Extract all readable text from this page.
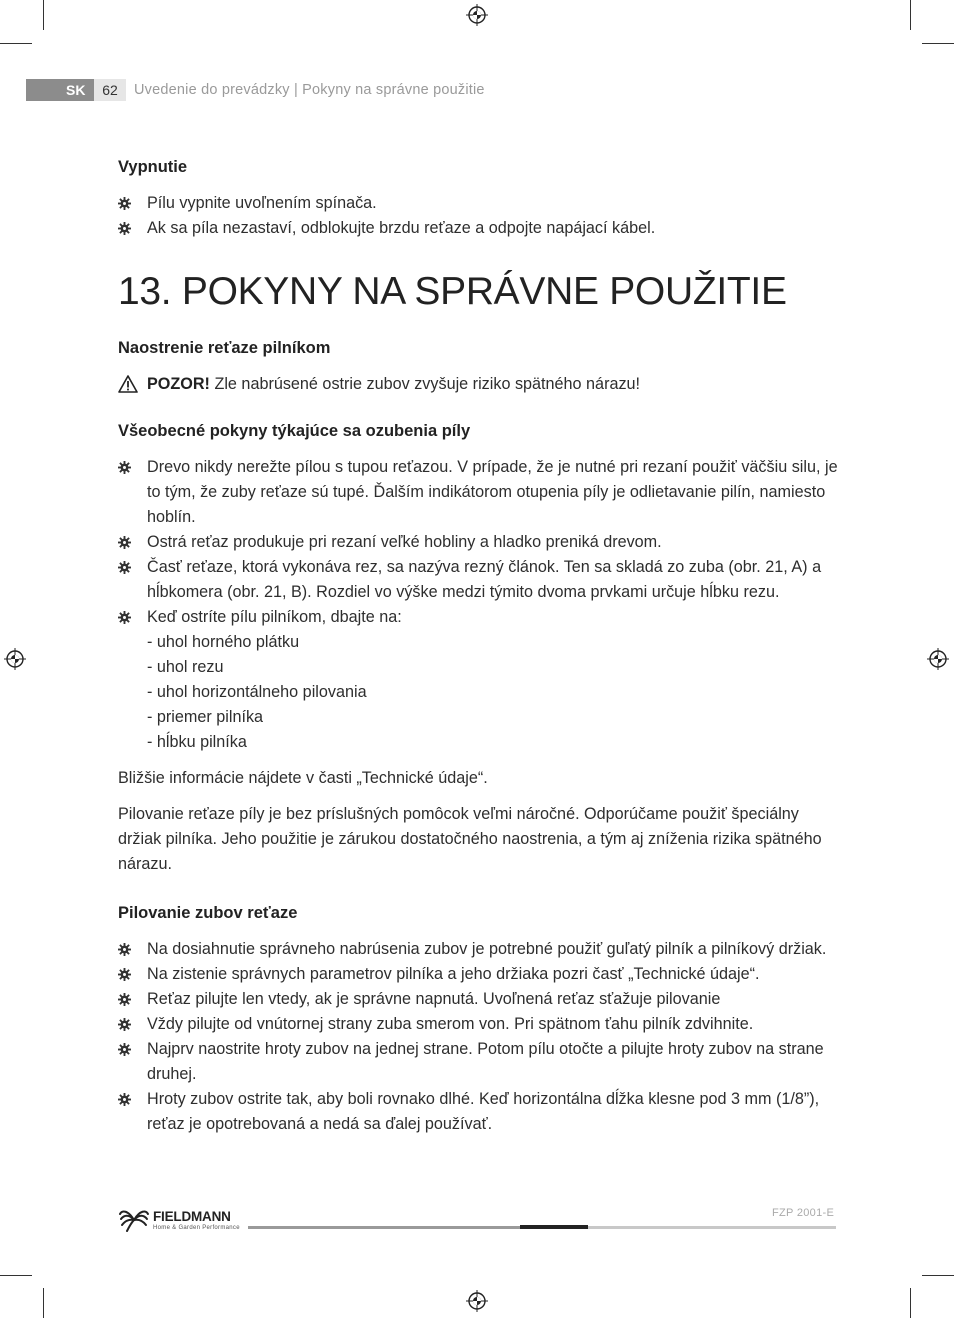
SK	62	Uvedenie do prevádzky | Pokyny na správne použitie
Vypnutie
Pílu vypnite uvoľnením spínača.
Ak sa píla nezastaví, odblokujte brzdu reťaze a odpojte napájací kábel.
13. POKYNY NA SPRÁVNE POUŽITIE
Naostrenie reťaze pilníkom
POZOR! Zle nabrúsené ostrie zubov zvyšuje riziko spätného nárazu!
Všeobecné pokyny týkajúce sa ozubenia píly
Drevo nikdy nerežte pílou s tupou reťazou. V prípade, že je nutné pri rezaní použiť väčšiu silu, je to tým, že zuby reťaze sú tupé. Ďalším indikátorom otupenia píly je odlietavanie pilín, namiesto hoblín.
Ostrá reťaz produkuje pri rezaní veľké hobliny a hladko preniká drevom.
Časť reťaze, ktorá vykonáva rez, sa nazýva rezný článok. Ten sa skladá zo zuba (obr. 21, A) a hĺbkomera (obr. 21, B). Rozdiel vo výške medzi týmito dvoma prvkami určuje hĺbku rezu.
Keď ostríte pílu pilníkom, dbajte na:
- uhol horného plátku
- uhol rezu
- uhol horizontálneho pilovania
- priemer pilníka
- hĺbku pilníka

Bližšie informácie nájdete v časti „Technické údaje“.

Pilovanie reťaze píly je bez príslušných pomôcok veľmi náročné. Odporúčame použiť špeciálny držiak pilníka. Jeho použitie je zárukou dostatočného naostrenia, a tým aj zníženia rizika spätného nárazu.

Pilovanie zubov reťaze
Na dosiahnutie správneho nabrúsenia zubov je potrebné použiť guľatý pilník a pilníkový držiak.
Na zistenie správnych parametrov pilníka a jeho držiaka pozri časť „Technické údaje“.
Reťaz pilujte len vtedy, ak je správne napnutá. Uvoľnená reťaz sťažuje pilovanie
Vždy pilujte od vnútornej strany zuba smerom von. Pri spätnom ťahu pilník zdvihnite.
Najprv naostrite hroty zubov na jednej strane. Potom pílu otočte a pilujte hroty zubov na strane druhej.
Hroty zubov ostrite tak, aby boli rovnako dlhé. Keď horizontálna dĺžka klesne pod 3 mm (1/8”), reťaz je opotrebovaná a nedá sa ďalej používať.
FIELDMANN
Home & Garden Performance
FZP 2001-E
